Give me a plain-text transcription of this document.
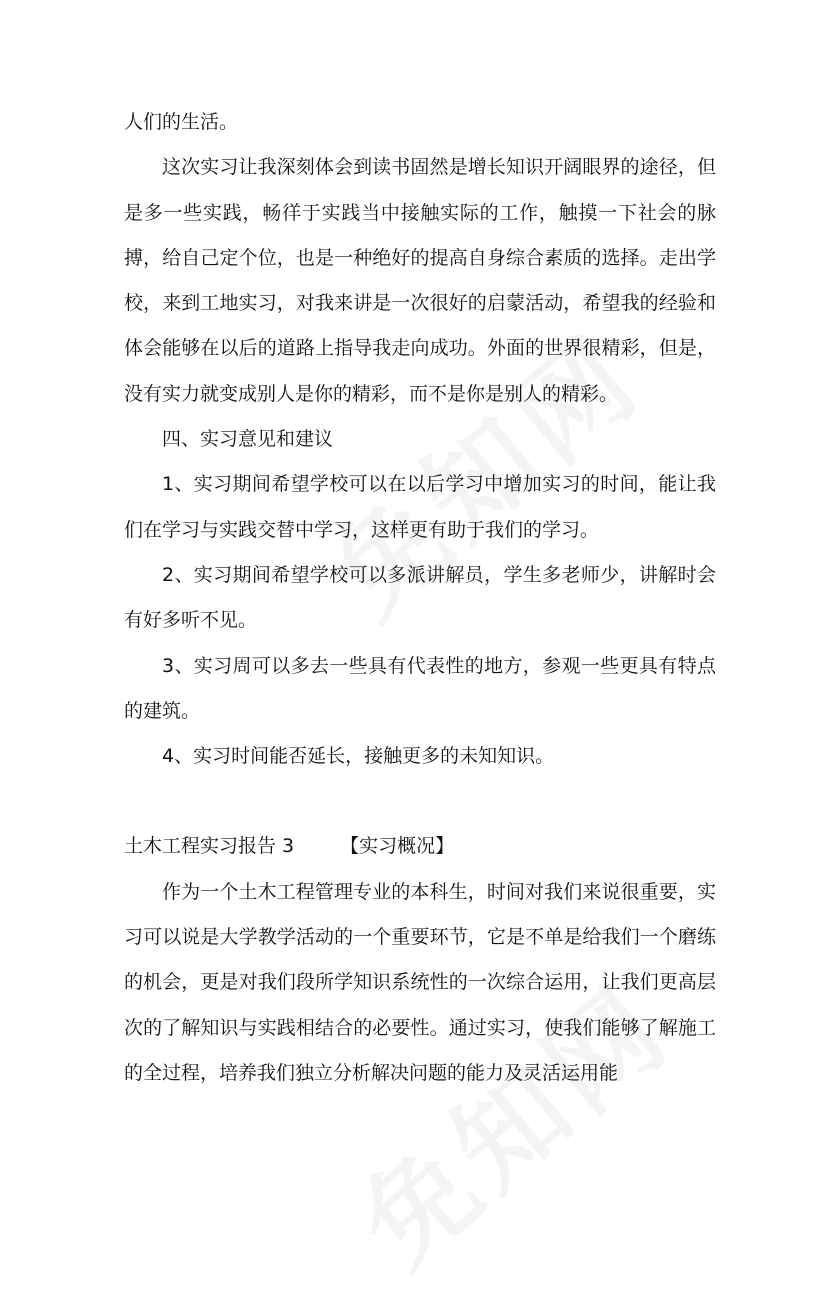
人们的生活。

这次实习让我深刻体会到读书固然是增长知识开阔眼界的途径，但是多一些实践，畅徉于实践当中接触实际的工作，触摸一下社会的脉搏，给自己定个位，也是一种绝好的提高自身综合素质的选择。走出学校，来到工地实习，对我来讲是一次很好的启蒙活动，希望我的经验和体会能够在以后的道路上指导我走向成功。外面的世界很精彩，但是，没有实力就变成别人是你的精彩，而不是你是别人的精彩。

四、实习意见和建议

1、实习期间希望学校可以在以后学习中增加实习的时间，能让我们在学习与实践交替中学习，这样更有助于我们的学习。

2、实习期间希望学校可以多派讲解员，学生多老师少，讲解时会有好多听不见。

3、实习周可以多去一些具有代表性的地方，参观一些更具有特点的建筑。

4、实习时间能否延长，接触更多的未知知识。

土木工程实习报告 3 【实习概况】

作为一个土木工程管理专业的本科生，时间对我们来说很重要，实习可以说是大学教学活动的一个重要环节，它是不单是给我们一个磨练的机会，更是对我们段所学知识系统性的一次综合运用，让我们更高层次的了解知识与实践相结合的必要性。通过实习，使我们能够了解施工的全过程，培养我们独立分析解决问题的能力及灵活运用能
